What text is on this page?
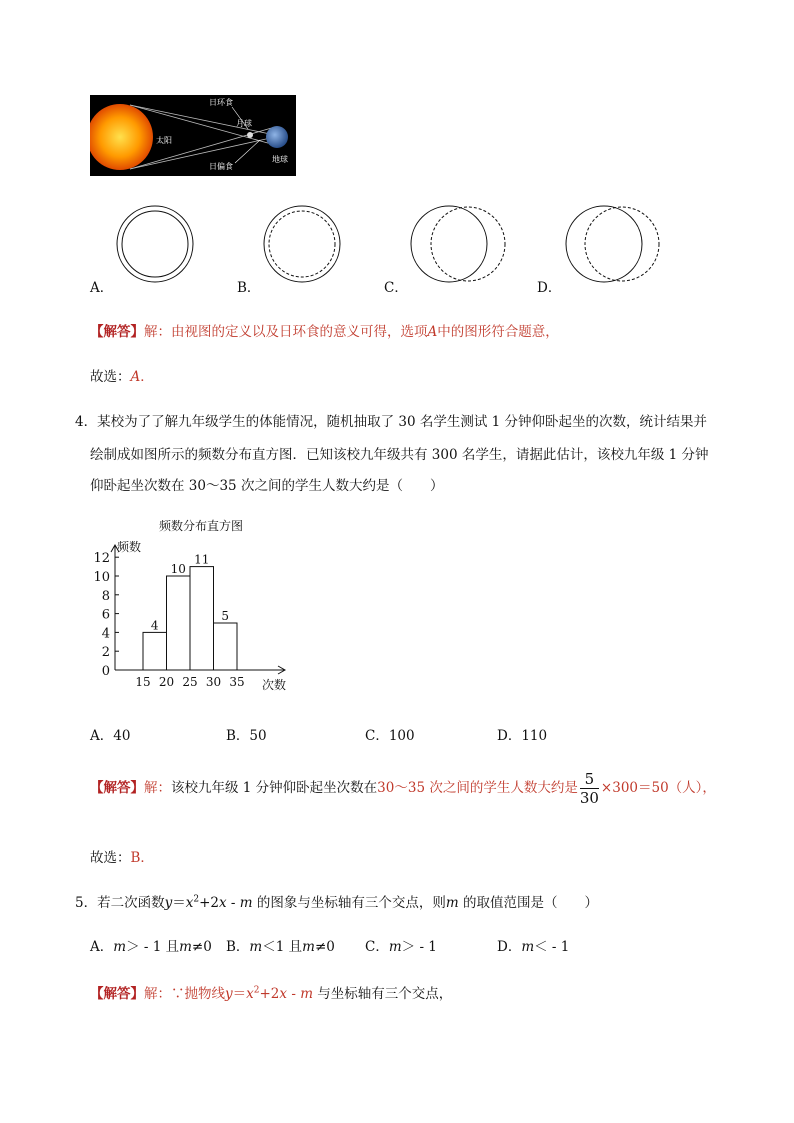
日环食
月球
太阳
地球
日偏食
A．	B．	C．	D．
【解答】解：由视图的定义以及日环食的意义可得，选项A中的图形符合题意，
故选：A．
4．某校为了了解九年级学生的体能情况，随机抽取了 30 名学生测试 1 分钟仰卧起坐的次数，统计结果并
绘制成如图所示的频数分布直方图．已知该校九年级共有 300 名学生，请据此估计，该校九年级 1 分钟
仰卧起坐次数在 30～35 次之间的学生人数大约是（　　）
频数分布直方图
频数
次数
0
2
4
6
8
10
12
15 20 25 30 35
4
10
11
5
A．40	B．50	C．100	D．110
【解答】解：该校九年级 1 分钟仰卧起坐次数在30～35 次之间的学生人数大约是 $\frac{5}{30} \times 300=50$（人），
故选：B．
5．若二次函数$y=x^2+2x - m$ 的图象与坐标轴有三个交点，则m 的取值范围是（　　）
A．m＞ - 1 且m≠0 B．m＜1 且m≠0 C．m＞ - 1	D．m＜ - 1
【解答】解：∵抛物线$y=x^2+2x - m$ 与坐标轴有三个交点，
